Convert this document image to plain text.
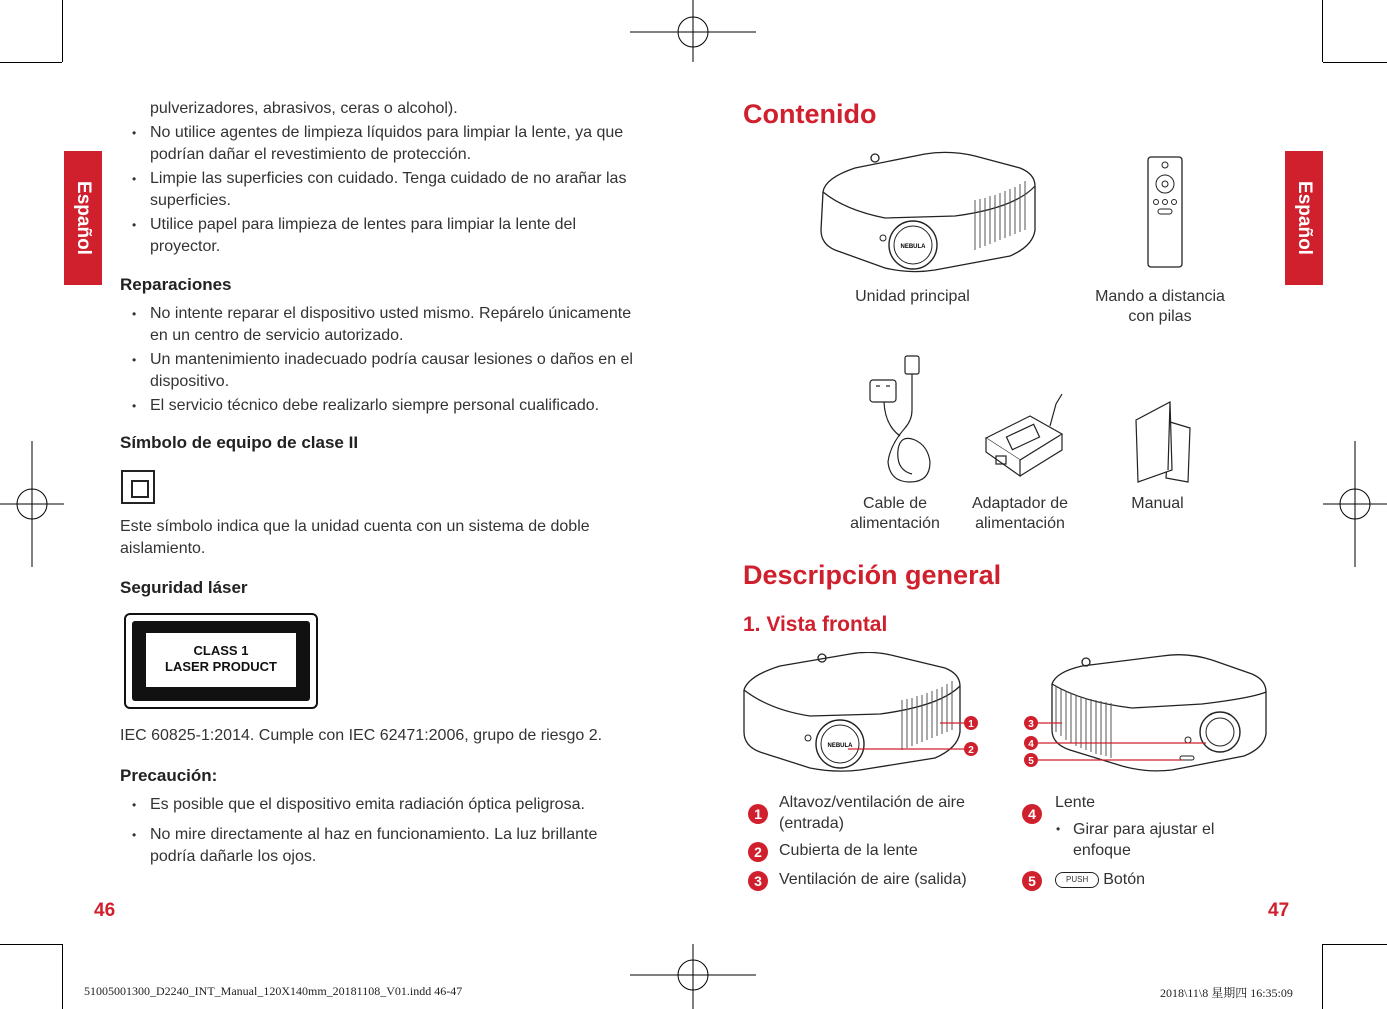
Español	Español
pulverizadores, abrasivos, ceras o alcohol).
• No utilice agentes de limpieza líquidos para limpiar la lente, ya que podrían dañar el revestimiento de protección.
• Limpie las superficies con cuidado. Tenga cuidado de no arañar las superficies.
• Utilice papel para limpieza de lentes para limpiar la lente del proyector.
Reparaciones
• No intente reparar el dispositivo usted mismo. Repárelo únicamente en un centro de servicio autorizado.
• Un mantenimiento inadecuado podría causar lesiones o daños en el dispositivo.
• El servicio técnico debe realizarlo siempre personal cualificado.
Símbolo de equipo de clase II
Este símbolo indica que la unidad cuenta con un sistema de doble aislamiento.
Seguridad láser
CLASS 1
LASER PRODUCT
IEC 60825-1:2014. Cumple con IEC 62471:2006, grupo de riesgo 2.
Precaución:
• Es posible que el dispositivo emita radiación óptica peligrosa.
• No mire directamente al haz en funcionamiento. La luz brillante podría dañarle los ojos.
46
Contenido
NEBULA
Unidad principal	Mando a distancia con pilas
Cable de alimentación
Adaptador de alimentación
Manual
Descripción general
1. Vista frontal
NEBULA
1
2
3
4
5
1
Altavoz/ventilación de aire (entrada)
2	Cubierta de la lente
3	Ventilación de aire (salida)
4
Lente
• Girar para ajustar el enfoque
5	PUSH Botón
47
51005001300_D2240_INT_Manual_120X140mm_20181108_V01.indd 46-47	2018\11\8 星期四 16:35:09
